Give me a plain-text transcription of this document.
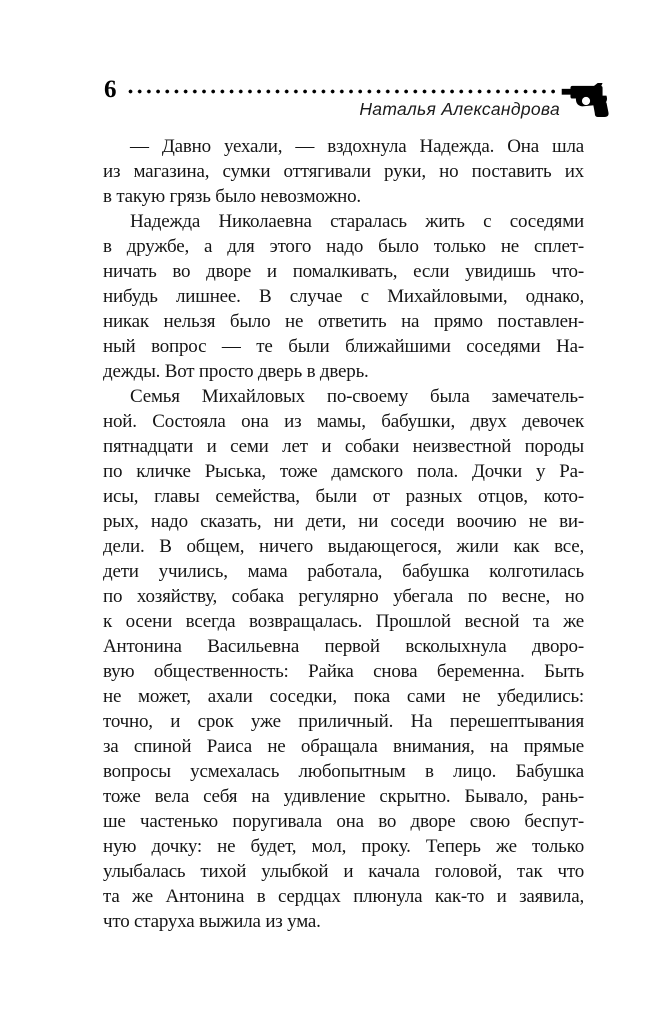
6
Наталья Александрова
— Давно уехали, — вздохнула Надежда. Она шла
из магазина, сумки оттягивали руки, но поставить их
в такую грязь было невозможно.
Надежда Николаевна старалась жить с соседями
в дружбе, а для этого надо было только не сплет-
ничать во дворе и помалкивать, если увидишь что-
нибудь лишнее. В случае с Михайловыми, однако,
никак нельзя было не ответить на прямо поставлен-
ный вопрос — те были ближайшими соседями На-
дежды. Вот просто дверь в дверь.
Семья Михайловых по-своему была замечатель-
ной. Состояла она из мамы, бабушки, двух девочек
пятнадцати и семи лет и собаки неизвестной породы
по кличке Рыська, тоже дамского пола. Дочки у Ра-
исы, главы семейства, были от разных отцов, кото-
рых, надо сказать, ни дети, ни соседи воочию не ви-
дели. В общем, ничего выдающегося, жили как все,
дети учились, мама работала, бабушка колготилась
по хозяйству, собака регулярно убегала по весне, но
к осени всегда возвращалась. Прошлой весной та же
Антонина Васильевна первой всколыхнула дворо-
вую общественность: Райка снова беременна. Быть
не может, ахали соседки, пока сами не убедились:
точно, и срок уже приличный. На перешептывания
за спиной Раиса не обращала внимания, на прямые
вопросы усмехалась любопытным в лицо. Бабушка
тоже вела себя на удивление скрытно. Бывало, рань-
ше частенько поругивала она во дворе свою беспут-
ную дочку: не будет, мол, проку. Теперь же только
улыбалась тихой улыбкой и качала головой, так что
та же Антонина в сердцах плюнула как-то и заявила,
что старуха выжила из ума.
